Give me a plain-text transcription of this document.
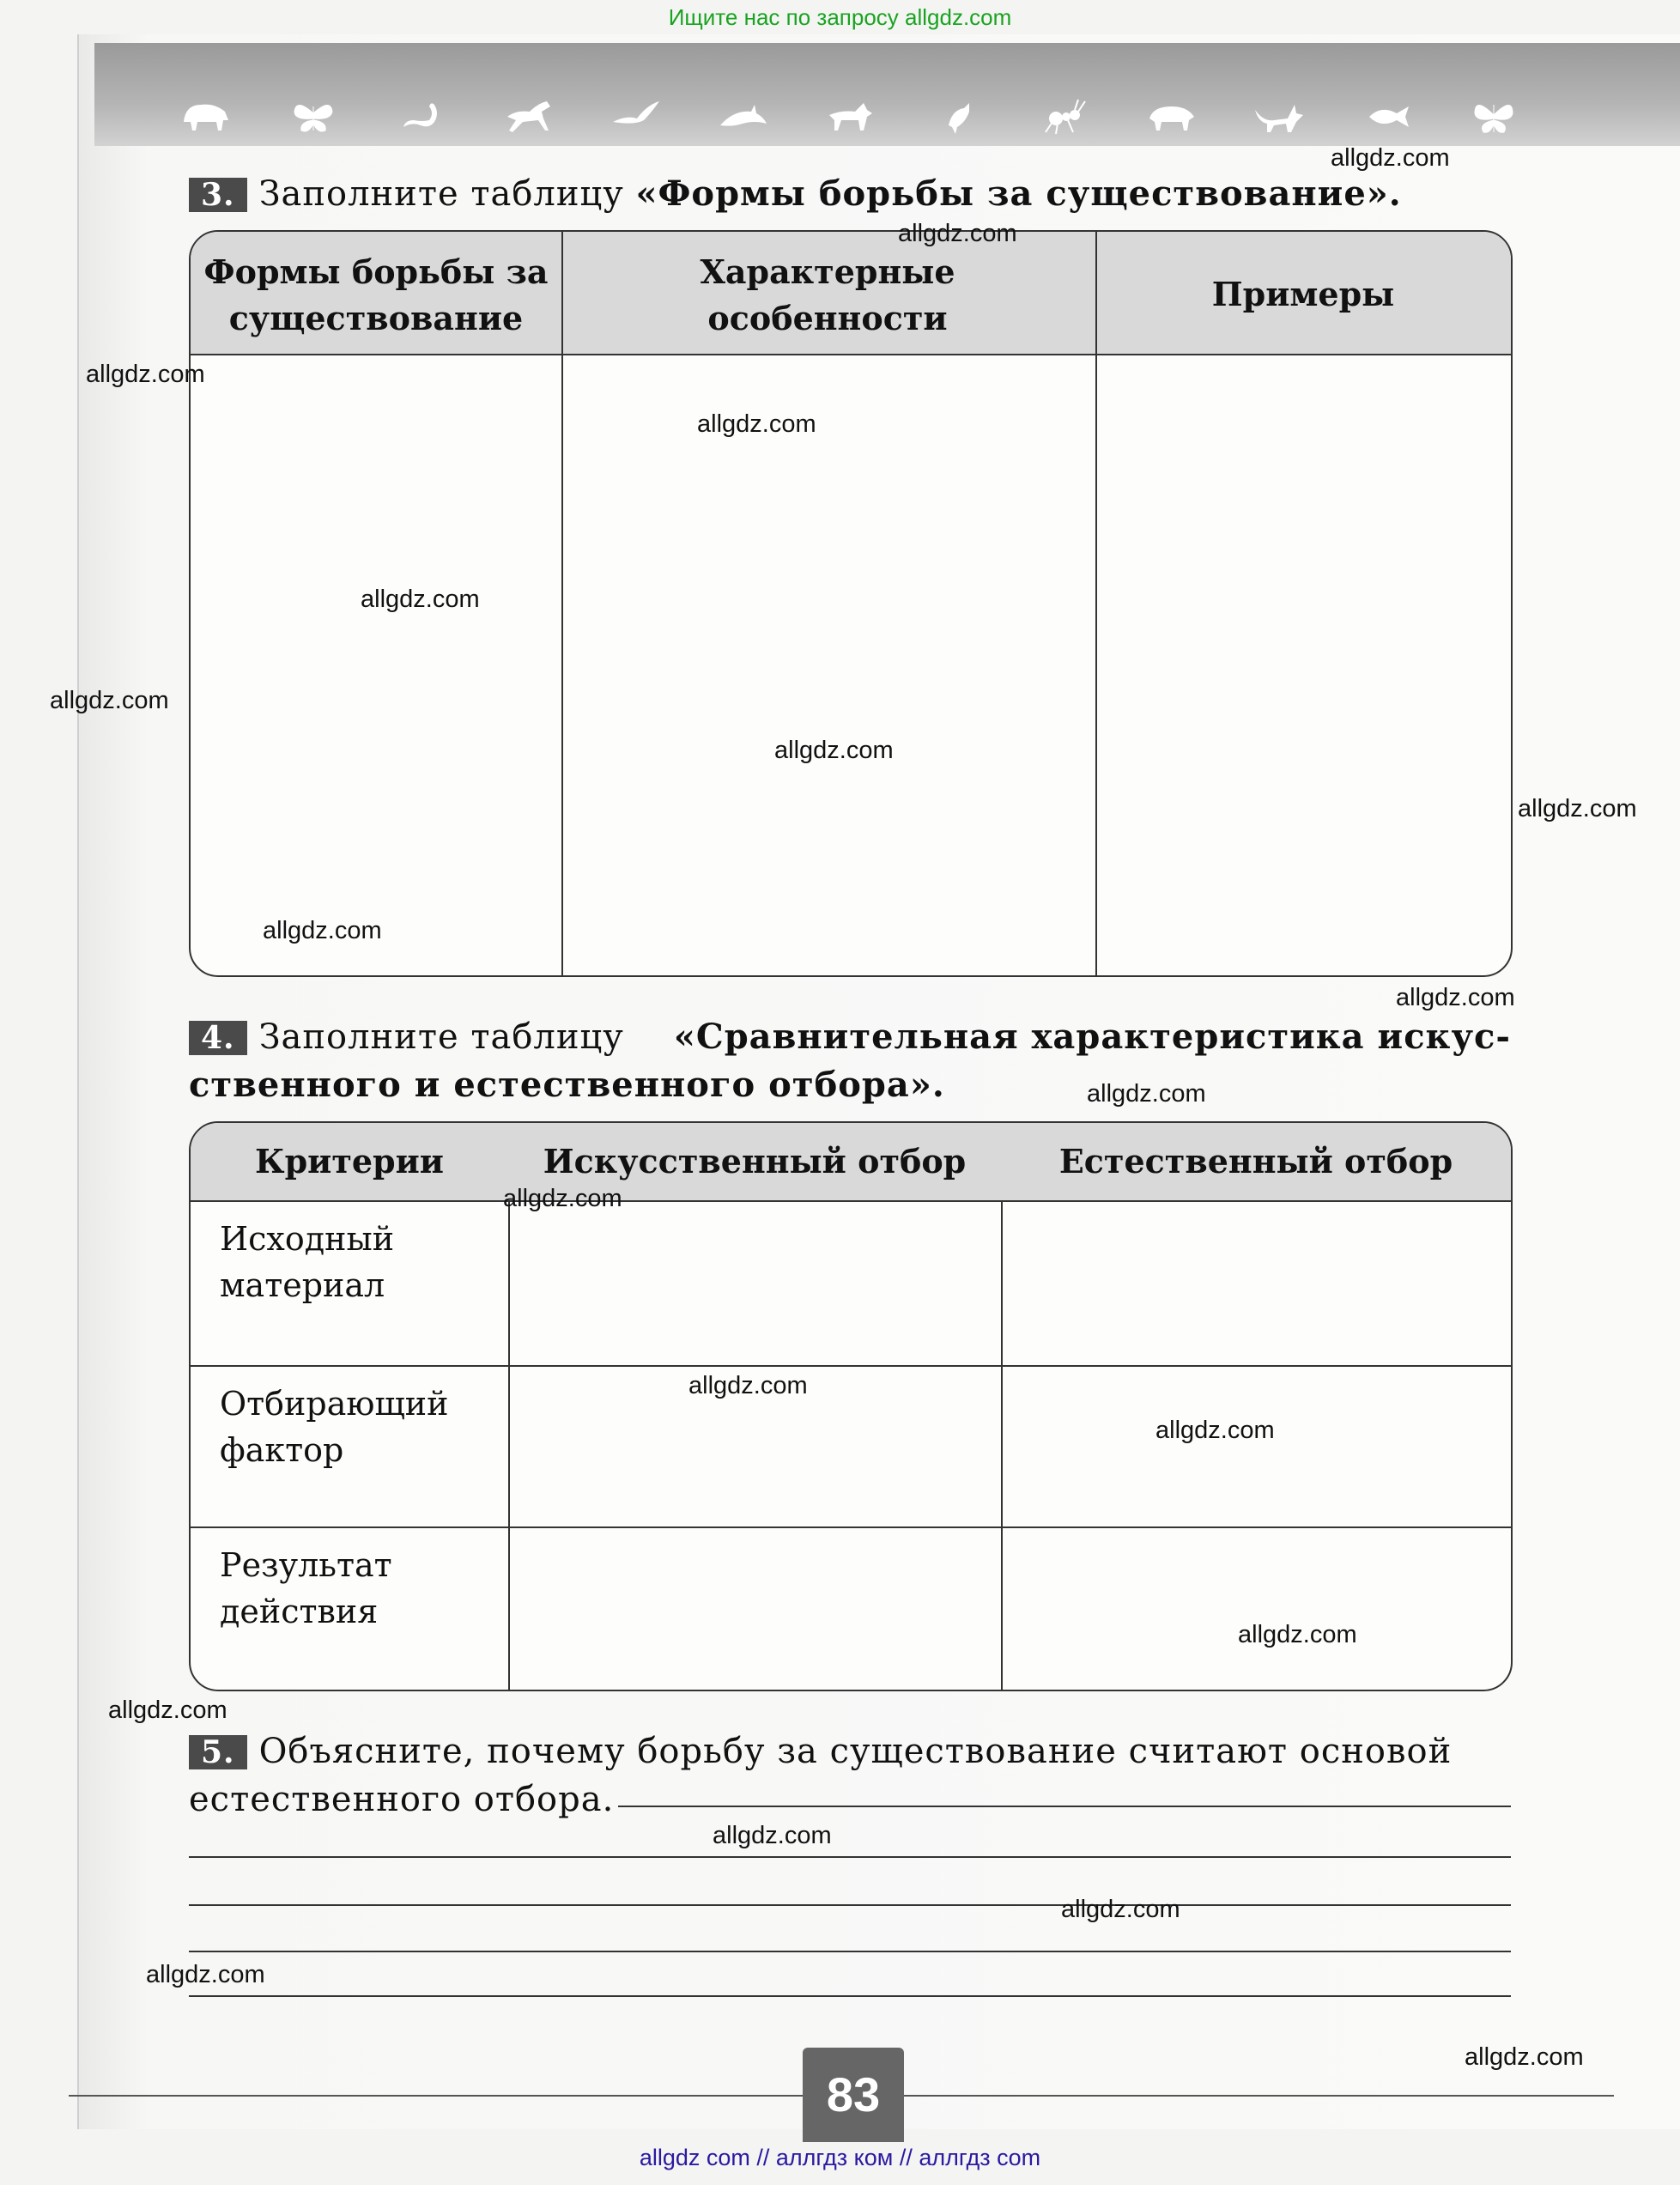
Ищите нас по запросу allgdz.com
3. Заполните таблицу «Формы борьбы за существование».
Формы борьбы за существование
Характерные особенности
Примеры
4. Заполните таблицу «Сравнительная характеристика искус-
ственного и естественного отбора».
Критерии	Искусственный отбор	Естественный отбор
Исходный материал
Отбирающий фактор
Результат действия
5. Объясните, почему борьбу за существование считают основой
естественного отбора.
allgdz.com
allgdz.com
allgdz.com
allgdz.com
allgdz.com
allgdz.com
allgdz.com
allgdz.com
allgdz.com
allgdz.com
allgdz.com
allgdz.com
allgdz.com
allgdz.com
allgdz.com
allgdz.com
allgdz.com
allgdz.com
allgdz.com
allgdz.com
83
allgdz com // аллгдз ком // аллгдз com
